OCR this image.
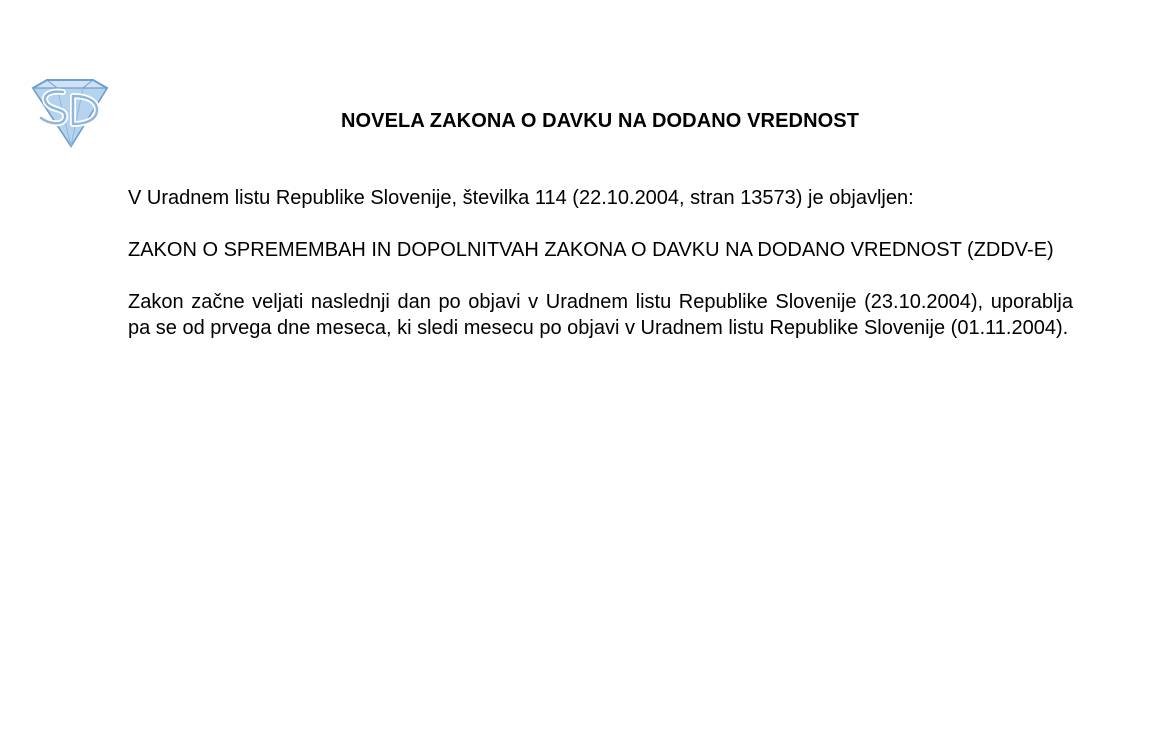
NOVELA ZAKONA O DAVKU NA DODANO VREDNOST

V Uradnem listu Republike Slovenije, številka 114 (22.10.2004, stran 13573) je objavljen:

ZAKON O SPREMEMBAH IN DOPOLNITVAH ZAKONA O DAVKU NA DODANO VREDNOST (ZDDV-E)

Zakon začne veljati naslednji dan po objavi v Uradnem listu Republike Slovenije (23.10.2004), uporablja pa se od prvega dne meseca, ki sledi mesecu po objavi v Uradnem listu Republike Slovenije (01.11.2004).
